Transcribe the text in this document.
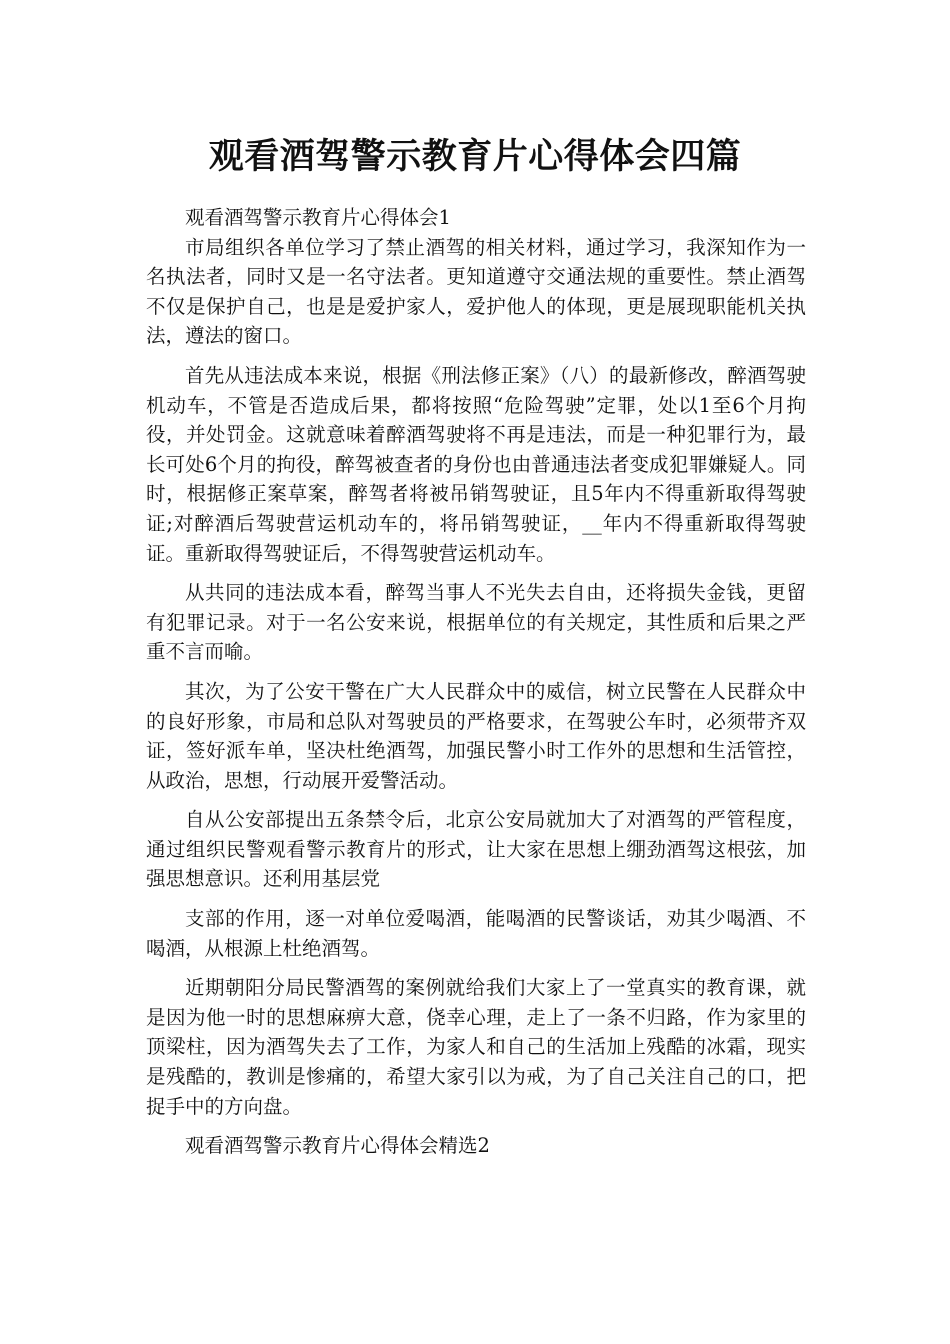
观看酒驾警示教育片心得体会四篇

观看酒驾警示教育片心得体会1

市局组织各单位学习了禁止酒驾的相关材料，通过学习，我深知作为一名执法者，同时又是一名守法者。更知道遵守交通法规的重要性。禁止酒驾不仅是保护自己，也是是爱护家人，爱护他人的体现，更是展现职能机关执法，遵法的窗口。

首先从违法成本来说，根据《刑法修正案》（八）的最新修改，醉酒驾驶机动车，不管是否造成后果，都将按照“危险驾驶”定罪，处以1至6个月拘役，并处罚金。这就意味着醉酒驾驶将不再是违法，而是一种犯罪行为，最长可处6个月的拘役，醉驾被查者的身份也由普通违法者变成犯罪嫌疑人。同时，根据修正案草案，醉驾者将被吊销驾驶证，且5年内不得重新取得驾驶证;对醉酒后驾驶营运机动车的，将吊销驾驶证，__年内不得重新取得驾驶证。重新取得驾驶证后，不得驾驶营运机动车。

从共同的违法成本看，醉驾当事人不光失去自由，还将损失金钱，更留有犯罪记录。对于一名公安来说，根据单位的有关规定，其性质和后果之严重不言而喻。

其次，为了公安干警在广大人民群众中的威信，树立民警在人民群众中的良好形象，市局和总队对驾驶员的严格要求，在驾驶公车时，必须带齐双证，签好派车单，坚决杜绝酒驾，加强民警小时工作外的思想和生活管控，从政治，思想，行动展开爱警活动。

自从公安部提出五条禁令后，北京公安局就加大了对酒驾的严管程度，通过组织民警观看警示教育片的形式，让大家在思想上绷劲酒驾这根弦，加强思想意识。还利用基层党

支部的作用，逐一对单位爱喝酒，能喝酒的民警谈话，劝其少喝酒、不喝酒，从根源上杜绝酒驾。

近期朝阳分局民警酒驾的案例就给我们大家上了一堂真实的教育课，就是因为他一时的思想麻痹大意，侥幸心理，走上了一条不归路，作为家里的顶梁柱，因为酒驾失去了工作，为家人和自己的生活加上残酷的冰霜，现实是残酷的，教训是惨痛的，希望大家引以为戒，为了自己关注自己的口，把捉手中的方向盘。

观看酒驾警示教育片心得体会精选2
